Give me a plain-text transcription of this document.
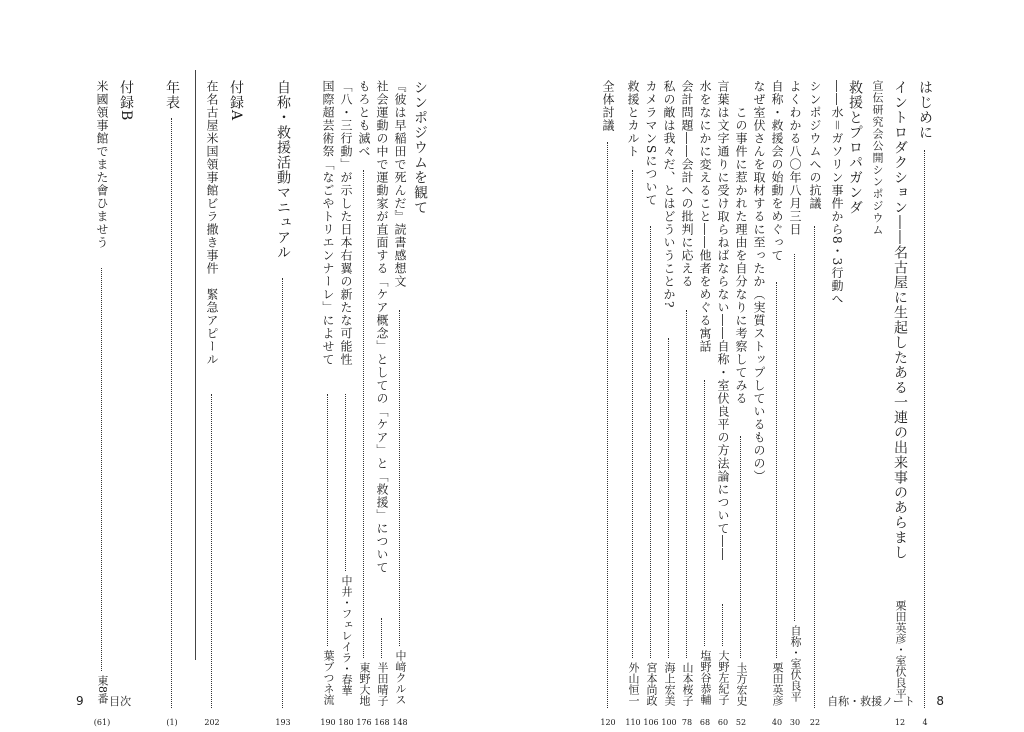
はじめに
4
イントロダクション――名古屋に生起したある一連の出来事のあらまし
栗田英彦・室伏良平
12
宣伝研究会公開シンポジウム
救援とプロパガンダ
――水＝ガソリン事件から8・3行動へ
シンポジウムへの抗議
22
よくわかる八〇年八月三日
自称・室伏良平
30
自称・救援会の始動をめぐって
栗田英彦
40
なぜ室伏さんを取材するに至ったか（実質ストップしているものの）
　　この事件に惹かれた理由を自分なりに考察してみる
圡方宏史
52
言葉は文字通りに受け取らねばならない――自称・室伏良平の方法論について――
大野左紀子
60
水をなにかに変えること――他者をめぐる寓話
塩野谷恭輔
68
会計問題――会計への批判に応える
山本桜子
78
私の敵は我々だ、とはどういうことか?
海上宏美
100
カメラマンSについて
宮本尚政
106
救援とカルト
外山恒一
110
全体討議
120
シンポジウムを観て
『彼は早稲田で死んだ』読書感想文
中﨑クルス
148
社会運動の中で運動家が直面する「ケア概念」としての「ケア」と「救援」について
半田晴子
168
もろとも滅べ
東野大地
176
「八・三行動」が示した日本右翼の新たな可能性
中井・フェレイラ・春華
180
国際超芸術祭「なごやトリエンナーレ」によせて
葉ブつネ流
190
自称・救援活動マニュアル
193
付録A
在名古屋米国領事館ビラ撒き事件　緊急アピール
202
年表
(1)
付録B
米國領事館でまた會ひませう
東8番
(61)
9 目次	自称・救援ノート 8
